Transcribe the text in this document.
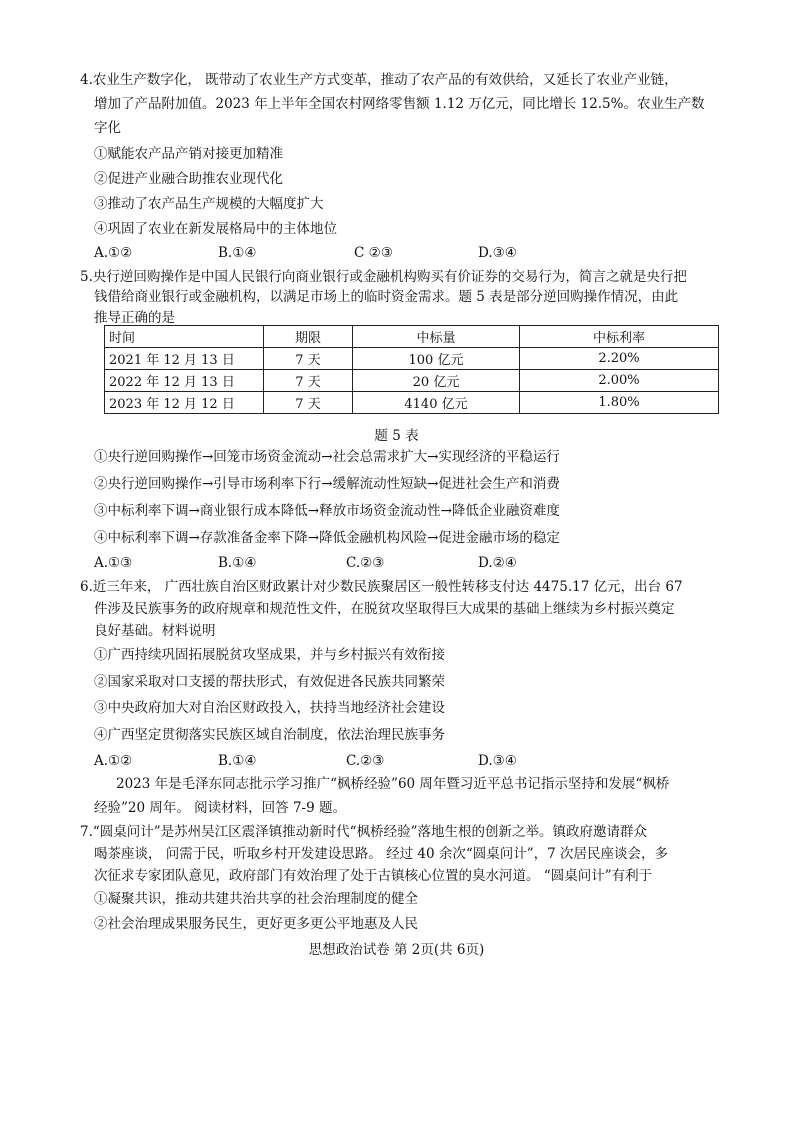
4.农业生产数字化， 既带动了农业生产方式变革，推动了农产品的有效供给，又延长了农业产业链，
增加了产品附加值。2023 年上半年全国农村网络零售额 1.12 万亿元，同比增长 12.5%。农业生产数
字化
①赋能农产品产销对接更加精准
②促进产业融合助推农业现代化
③推动了农产品生产规模的大幅度扩大
④巩固了农业在新发展格局中的主体地位
A.①②	B.①④	C ②③	D.③④
5.央行逆回购操作是中国人民银行向商业银行或金融机构购买有价证券的交易行为，简言之就是央行把
钱借给商业银行或金融机构，以满足市场上的临时资金需求。题 5 表是部分逆回购操作情况，由此
推导正确的是
时间	期限	中标量	中标利率
2021 年 12 月 13 日	7 天	100 亿元	2.20%
2022 年 12 月 13 日	7 天	20 亿元	2.00%
2023 年 12 月 12 日	7 天	4140 亿元	1.80%
题 5 表
①央行逆回购操作→回笼市场资金流动→社会总需求扩大→实现经济的平稳运行
②央行逆回购操作→引导市场利率下行→缓解流动性短缺→促进社会生产和消费
③中标利率下调→商业银行成本降低→释放市场资金流动性→降低企业融资难度
④中标利率下调→存款准备金率下降→降低金融机构风险→促进金融市场的稳定
A.①③	B.①④	C.②③	D.②④
6.近三年来， 广西壮族自治区财政累计对少数民族聚居区一般性转移支付达 4475.17 亿元，出台 67
件涉及民族事务的政府规章和规范性文件，在脱贫攻坚取得巨大成果的基础上继续为乡村振兴奠定
良好基础。材料说明
①广西持续巩固拓展脱贫攻坚成果，并与乡村振兴有效衔接
②国家采取对口支援的帮扶形式，有效促进各民族共同繁荣
③中央政府加大对自治区财政投入，扶持当地经济社会建设
④广西坚定贯彻落实民族区域自治制度，依法治理民族事务
A.①②	B.①④	C.②③	D.③④
2023 年是毛泽东同志批示学习推广“枫桥经验”60 周年暨习近平总书记指示坚持和发展“枫桥
经验”20 周年。 阅读材料，回答 7-9 题。
7.“圆桌问计”是苏州吴江区震泽镇推动新时代“枫桥经验”落地生根的创新之举。镇政府邀请群众
喝茶座谈， 问需于民，听取乡村开发建设思路。 经过 40 余次“圆桌问计”，7 次居民座谈会，多
次征求专家团队意见，政府部门有效治理了处于古镇核心位置的臭水河道。 “圆桌问计”有利于
①凝聚共识，推动共建共治共享的社会治理制度的健全
②社会治理成果服务民生，更好更多更公平地惠及人民
思想政治试卷 第 2页(共 6页)
